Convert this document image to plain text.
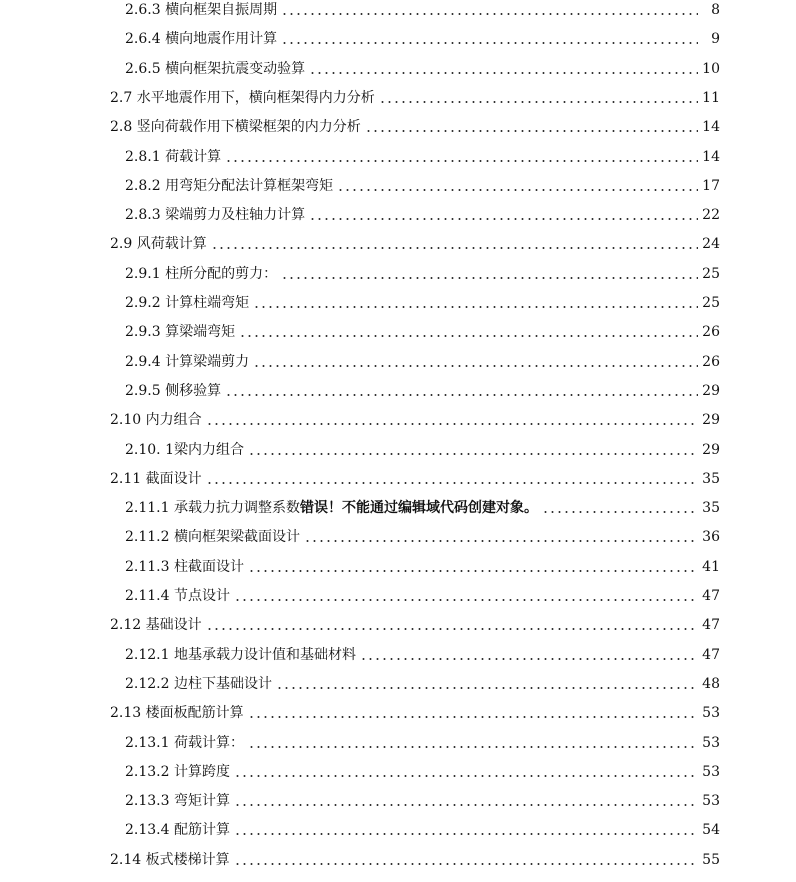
2.6.3 横向框架自振周期	8
2.6.4 横向地震作用计算	9
2.6.5 横向框架抗震变动验算	10
2.7 水平地震作用下，横向框架得内力分析	11
2.8 竖向荷载作用下横梁框架的内力分析	14
2.8.1 荷载计算	14
2.8.2 用弯矩分配法计算框架弯矩	17
2.8.3 梁端剪力及柱轴力计算	22
2.9 风荷载计算	24
2.9.1 柱所分配的剪力：	25
2.9.2 计算柱端弯矩	25
2.9.3 算梁端弯矩	26
2.9.4 计算梁端剪力	26
2.9.5 侧移验算	29
2.10 内力组合	29
2.10. 1梁内力组合	29
2.11 截面设计	35
2.11.1 承载力抗力调整系数 错误！不能通过编辑域代码创建对象。	35
2.11.2 横向框架梁截面设计	36
2.11.3 柱截面设计	41
2.11.4 节点设计	47
2.12 基础设计	47
2.12.1 地基承载力设计值和基础材料	47
2.12.2 边柱下基础设计	48
2.13 楼面板配筋计算	53
2.13.1 荷载计算：	53
2.13.2 计算跨度	53
2.13.3 弯矩计算	53
2.13.4 配筋计算	54
2.14 板式楼梯计算	55
